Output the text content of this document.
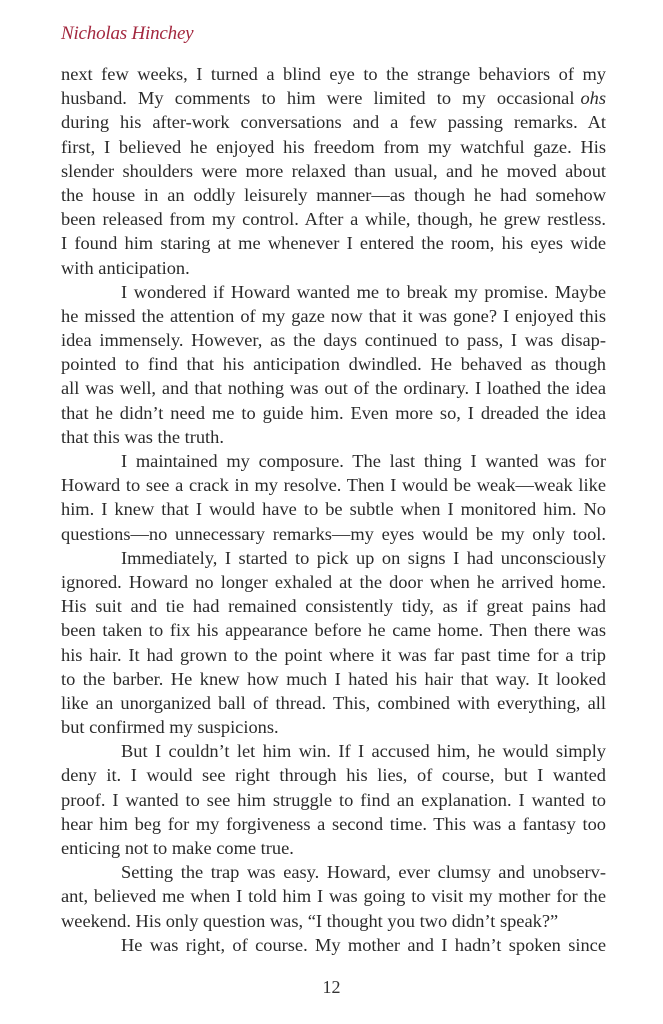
Nicholas Hinchey
next few weeks, I turned a blind eye to the strange behaviors of my
husband. My comments to him were limited to my occasional ohs
during his after-work conversations and a few passing remarks. At
first, I believed he enjoyed his freedom from my watchful gaze. His
slender shoulders were more relaxed than usual, and he moved about
the house in an oddly leisurely manner—as though he had somehow
been released from my control. After a while, though, he grew restless.
I found him staring at me whenever I entered the room, his eyes wide
with anticipation.
I wondered if Howard wanted me to break my promise. Maybe
he missed the attention of my gaze now that it was gone? I enjoyed this
idea immensely. However, as the days continued to pass, I was disap-
pointed to find that his anticipation dwindled. He behaved as though
all was well, and that nothing was out of the ordinary. I loathed the idea
that he didn’t need me to guide him. Even more so, I dreaded the idea
that this was the truth.
I maintained my composure. The last thing I wanted was for
Howard to see a crack in my resolve. Then I would be weak—weak like
him. I knew that I would have to be subtle when I monitored him. No
questions—no unnecessary remarks—my eyes would be my only tool.
Immediately, I started to pick up on signs I had unconsciously
ignored. Howard no longer exhaled at the door when he arrived home.
His suit and tie had remained consistently tidy, as if great pains had
been taken to fix his appearance before he came home. Then there was
his hair. It had grown to the point where it was far past time for a trip
to the barber. He knew how much I hated his hair that way. It looked
like an unorganized ball of thread. This, combined with everything, all
but confirmed my suspicions.
But I couldn’t let him win. If I accused him, he would simply
deny it. I would see right through his lies, of course, but I wanted
proof. I wanted to see him struggle to find an explanation. I wanted to
hear him beg for my forgiveness a second time. This was a fantasy too
enticing not to make come true.
Setting the trap was easy. Howard, ever clumsy and unobserv-
ant, believed me when I told him I was going to visit my mother for the
weekend. His only question was, “I thought you two didn’t speak?”
He was right, of course. My mother and I hadn’t spoken since
12
